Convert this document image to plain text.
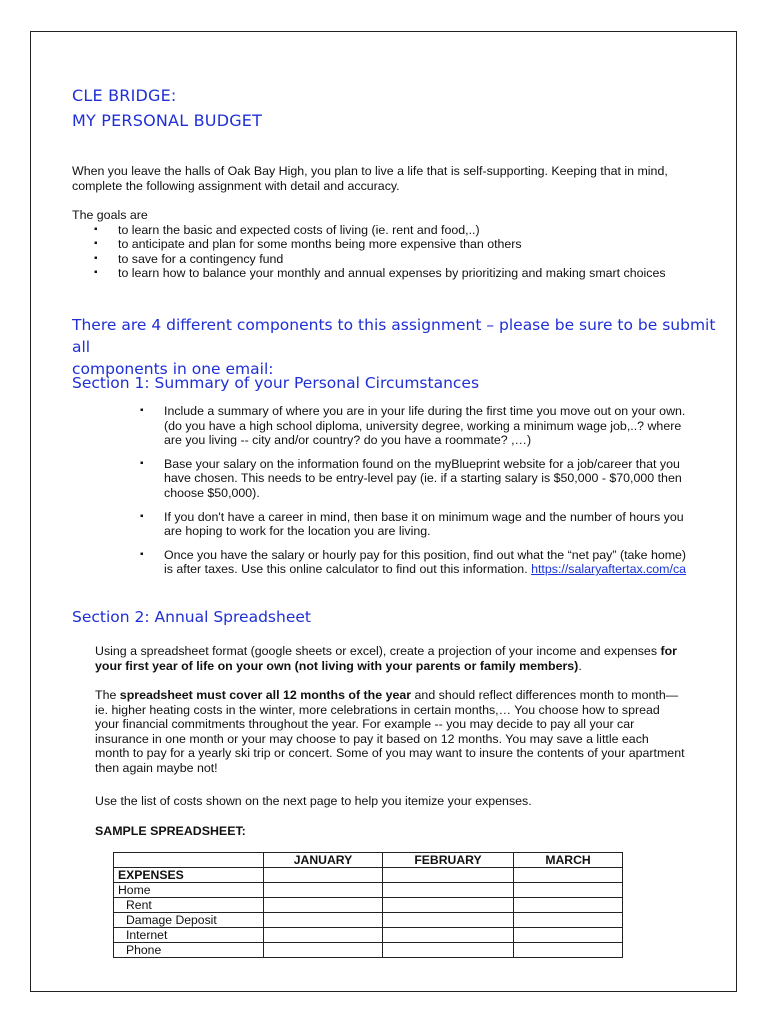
CLE BRIDGE:
MY PERSONAL BUDGET
When you leave the halls of Oak Bay High, you plan to live a life that is self-supporting. Keeping that in mind,
complete the following assignment with detail and accuracy.
The goals are
▪ to learn the basic and expected costs of living (ie. rent and food,..)
▪ to anticipate and plan for some months being more expensive than others
▪ to save for a contingency fund
▪ to learn how to balance your monthly and annual expenses by prioritizing and making smart choices
There are 4 different components to this assignment – please be sure to be submit all
components in one email:
Section 1: Summary of your Personal Circumstances
▪ Include a summary of where you are in your life during the first time you move out on your own.
(do you have a high school diploma, university degree, working a minimum wage job,..? where
are you living -- city and/or country? do you have a roommate? ,…)
▪ Base your salary on the information found on the myBlueprint website for a job/career that you
have chosen. This needs to be entry-level pay (ie. if a starting salary is $50,000 - $70,000 then
choose $50,000).
▪ If you don't have a career in mind, then base it on minimum wage and the number of hours you
are hoping to work for the location you are living.
▪ Once you have the salary or hourly pay for this position, find out what the “net pay” (take home)
is after taxes. Use this online calculator to find out this information. https://salaryaftertax.com/ca
Section 2: Annual Spreadsheet
Using a spreadsheet format (google sheets or excel), create a projection of your income and expenses for
your first year of life on your own (not living with your parents or family members).
The spreadsheet must cover all 12 months of the year and should reflect differences month to month—
ie. higher heating costs in the winter, more celebrations in certain months,… You choose how to spread
your financial commitments throughout the year. For example -- you may decide to pay all your car
insurance in one month or your may choose to pay it based on 12 months. You may save a little each
month to pay for a yearly ski trip or concert. Some of you may want to insure the contents of your apartment
then again maybe not!
Use the list of costs shown on the next page to help you itemize your expenses.
SAMPLE SPREADSHEET:
	JANUARY	FEBRUARY	MARCH
EXPENSES			
Home			
Rent			
Damage Deposit			
Internet			
Phone			
